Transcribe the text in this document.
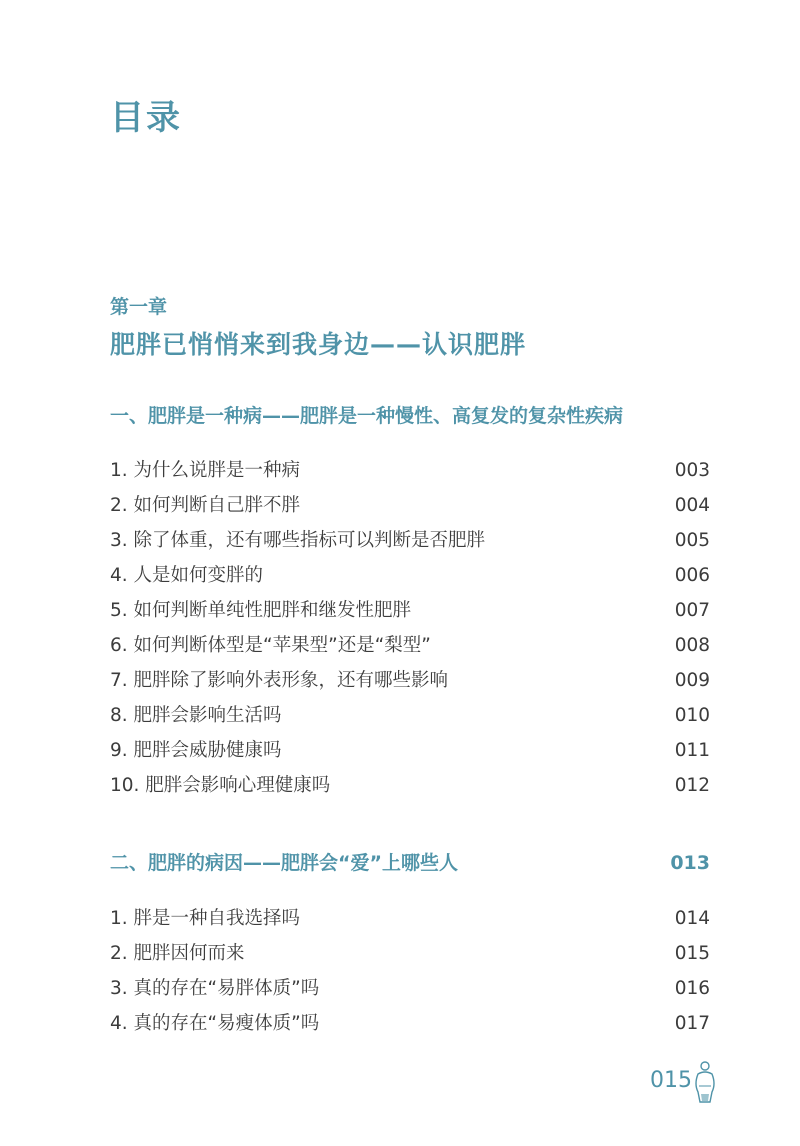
目录
第一章
肥胖已悄悄来到我身边——认识肥胖
一、肥胖是一种病——肥胖是一种慢性、高复发的复杂性疾病
1. 为什么说胖是一种病	003
2. 如何判断自己胖不胖	004
3. 除了体重，还有哪些指标可以判断是否肥胖	005
4. 人是如何变胖的	006
5. 如何判断单纯性肥胖和继发性肥胖	007
6. 如何判断体型是“苹果型”还是“梨型”	008
7. 肥胖除了影响外表形象，还有哪些影响	009
8. 肥胖会影响生活吗	010
9. 肥胖会威胁健康吗	011
10. 肥胖会影响心理健康吗	012
二、肥胖的病因——肥胖会“爱”上哪些人	013
1. 胖是一种自我选择吗	014
2. 肥胖因何而来	015
3. 真的存在“易胖体质”吗	016
4. 真的存在“易瘦体质”吗	017
015
